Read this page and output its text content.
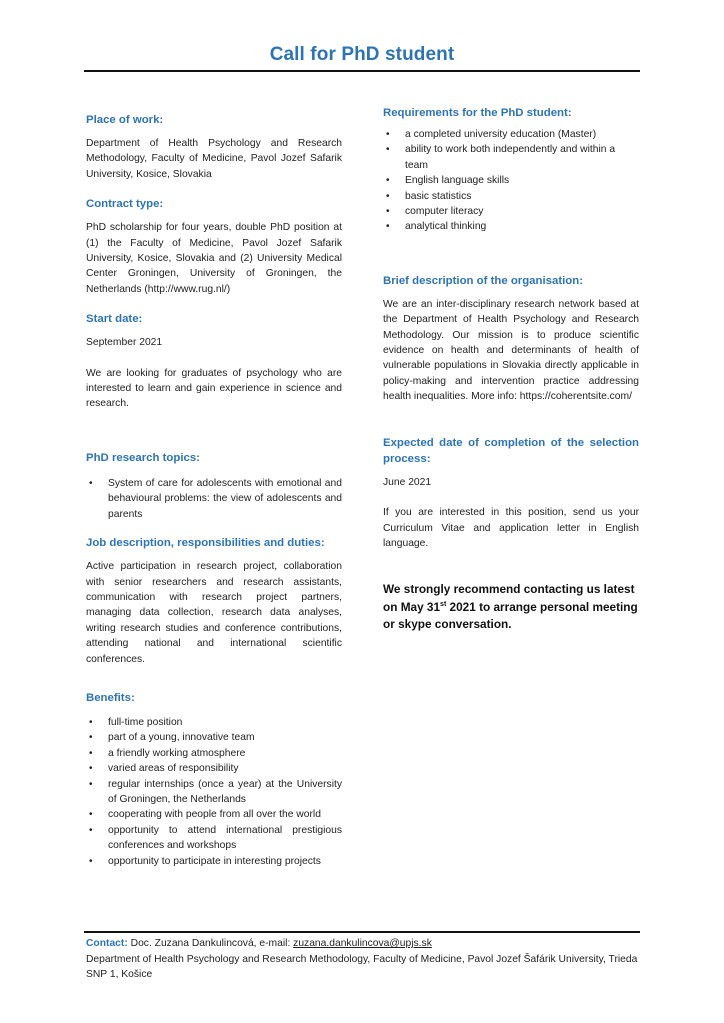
Call for PhD student
Place of work:

Department of Health Psychology and Research Methodology, Faculty of Medicine, Pavol Jozef Safarik University, Kosice, Slovakia

Contract type:

PhD scholarship for four years, double PhD position at (1) the Faculty of Medicine, Pavol Jozef Safarik University, Kosice, Slovakia and (2) University Medical Center Groningen, University of Groningen, the Netherlands (http://www.rug.nl/)

Start date:

September 2021

We are looking for graduates of psychology who are interested to learn and gain experience in science and research.

PhD research topics:
• System of care for adolescents with emotional and behavioural problems: the view of adolescents and parents
Job description, responsibilities and duties:

Active participation in research project, collaboration with senior researchers and research assistants, communication with research project partners, managing data collection, research data analyses, writing research studies and conference contributions, attending national and international scientific conferences.

Benefits:
• full-time position
• part of a young, innovative team
• a friendly working atmosphere
• varied areas of responsibility
• regular internships (once a year) at the University of Groningen, the Netherlands
• cooperating with people from all over the world
• opportunity to attend international prestigious conferences and workshops
• opportunity to participate in interesting projects
Requirements for the PhD student:
• a completed university education (Master)
• ability to work both independently and within a team
• English language skills
• basic statistics
• computer literacy
• analytical thinking
Brief description of the organisation:

We are an inter-disciplinary research network based at the Department of Health Psychology and Research Methodology. Our mission is to produce scientific evidence on health and determinants of health of vulnerable populations in Slovakia directly applicable in policy-making and intervention practice addressing health inequalities. More info: https://coherentsite.com/

Expected date of completion of the selection process:

June 2021

If you are interested in this position, send us your Curriculum Vitae and application letter in English language.

We strongly recommend contacting us latest on May 31st 2021 to arrange personal meeting or skype conversation.

Contact: Doc. Zuzana Dankulincová, e-mail: zuzana.dankulincova@upjs.sk
Department of Health Psychology and Research Methodology, Faculty of Medicine, Pavol Jozef Šafárik University, Trieda SNP 1, Košice
